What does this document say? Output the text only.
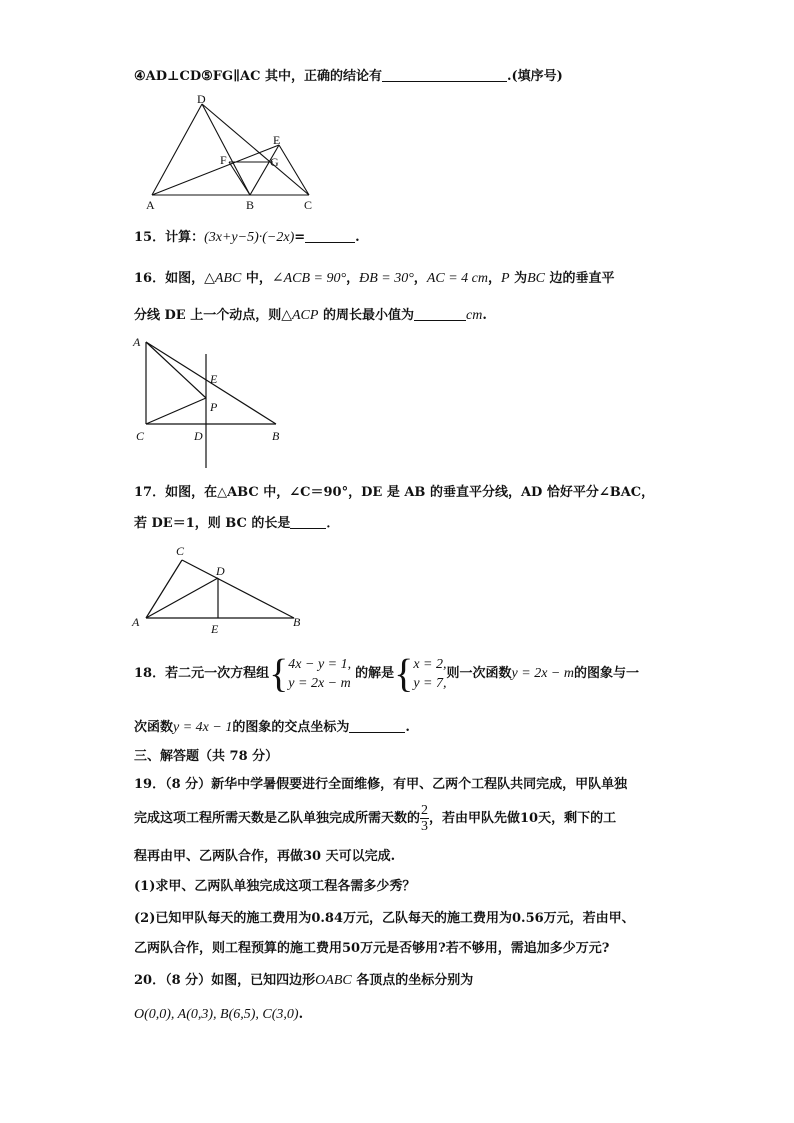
④AD⊥CD⑤FG∥AC 其中，正确的结论有	.(填序号)
D
E
F	G
A	B	C
15．计算：(3x+y−5)·(−2x)=	.
16．如图，△ABC 中，∠ACB = 90°，ÐB = 30°，AC = 4 cm，P 为BC 边的垂直平
分线 DE 上一个动点，则△ACP 的周长最小值为	cm.
A
E
P
C	D	B
17．如图，在△ABC 中，∠C＝90°，DE 是 AB 的垂直平分线，AD 恰好平分∠BAC，
若 DE＝1，则 BC 的长是	．
C
D
A	E	B
18．若二元一次方程组{ 4x − y = 1,
y = 2x − m
的解是{ x = 2,
y = 7,
则一次函数y = 2x − m的图象与一
次函数y = 4x − 1的图象的交点坐标为	.
三、解答题（共 78 分）
19．（8 分）新华中学暑假要进行全面维修，有甲、乙两个工程队共同完成，甲队单独
完成这项工程所需天数是乙队单独完成所需天数的 $\frac{2}{3}$ ，若由甲队先做10天，剩下的工
程再由甲、乙两队合作，再做30 天可以完成.
(1)求甲、乙两队单独完成这项工程各需多少秀？
(2)已知甲队每天的施工费用为0.84万元，乙队每天的施工费用为0.56万元，若由甲、
乙两队合作，则工程预算的施工费用50万元是否够用?若不够用，需追加多少万元?
20．（8 分）如图，已知四边形OABC 各顶点的坐标分别为
O(0,0), A(0,3), B(6,5), C(3,0).
